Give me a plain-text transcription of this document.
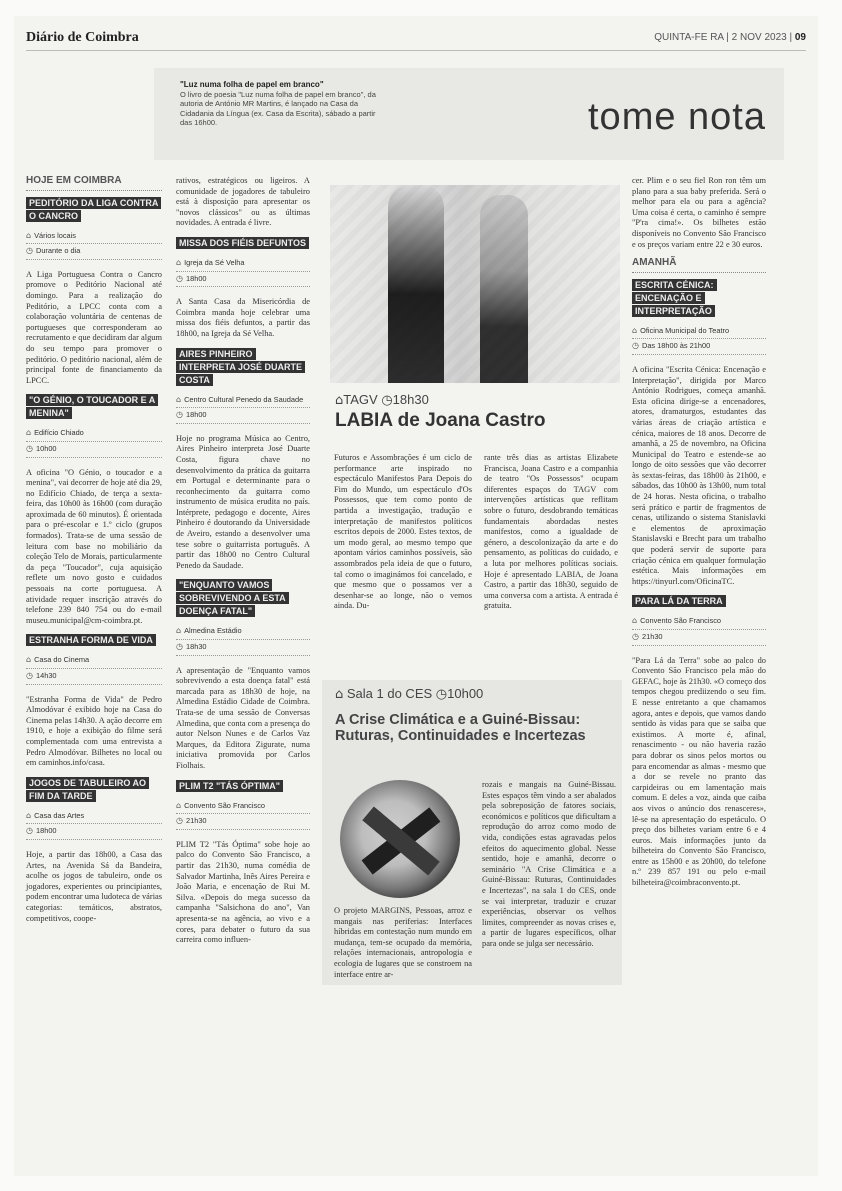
Diário de Coimbra	QUINTA-FE RA | 2 NOV 2023 | 09
"Luz numa folha de papel em branco"
O livro de poesia "Luz numa folha de papel em branco", da autoria de António MR Martins, é lançado na Casa da Cidadania da Língua (ex. Casa da Escrita), sábado a partir das 16h00.	tome nota
HOJE EM COIMBRA
PEDITÓRIO DA LIGA CONTRA O CANCRO
⌂ Vários locais
◷ Durante o dia

A Liga Portuguesa Contra o Cancro promove o Peditório Nacional até domingo. Para a realização do Peditório, a LPCC conta com a colaboração voluntária de centenas de portugueses que corresponderam ao recrutamento e que decidiram dar algum do seu tempo para promover o peditório. O peditório nacional, além de principal fonte de financiamento da LPCC.

"O GÉNIO, O TOUCADOR E A MENINA"
⌂ Edifício Chiado
◷ 10h00

A oficina "O Génio, o toucador e a menina", vai decorrer de hoje até dia 29, no Edifício Chiado, de terça a sexta-feira, das 10h00 às 16h00 (com duração aproximada de 60 minutos). É orientada para o pré-escolar e 1.º ciclo (grupos formados). Trata-se de uma sessão de leitura com base no mobiliário da coleção Telo de Morais, particularmente da peça "Toucador", cuja aquisição reflete um novo gosto e cuidados pessoais na corte portuguesa. A atividade requer inscrição através do telefone 239 840 754 ou do e-mail museu.municipal@cm-coimbra.pt.

ESTRANHA FORMA DE VIDA
⌂ Casa do Cinema
◷ 14h30

"Estranha Forma de Vida" de Pedro Almodóvar é exibido hoje na Casa do Cinema pelas 14h30. A ação decorre em 1910, e hoje a exibição do filme será complementada com uma entrevista a Pedro Almodóvar. Bilhetes no local ou em caminhos.info/casa.

JOGOS DE TABULEIRO AO FIM DA TARDE
⌂ Casa das Artes
◷ 18h00

Hoje, a partir das 18h00, a Casa das Artes, na Avenida Sá da Bandeira, acolhe os jogos de tabuleiro, onde os jogadores, experientes ou principiantes, podem encontrar uma ludoteca de várias categorias: temáticos, abstratos, competitivos, coope-

rativos, estratégicos ou ligeiros. A comunidade de jogadores de tabuleiro está à disposição para apresentar os "novos clássicos" ou as últimas novidades. A entrada é livre.

MISSA DOS FIÉIS DEFUNTOS
⌂ Igreja da Sé Velha
◷ 18h00

A Santa Casa da Misericórdia de Coimbra manda hoje celebrar uma missa dos fiéis defuntos, a partir das 18h00, na Igreja da Sé Velha.

AIRES PINHEIRO INTERPRETA JOSÉ DUARTE COSTA
⌂ Centro Cultural Penedo da Saudade
◷ 18h00

Hoje no programa Música ao Centro, Aires Pinheiro interpreta José Duarte Costa, figura chave no desenvolvimento da prática da guitarra em Portugal e determinante para o reconhecimento da guitarra como instrumento de música erudita no país. Intérprete, pedagogo e docente, Aires Pinheiro é doutorando da Universidade de Aveiro, estando a desenvolver uma tese sobre o guitarrista português. A partir das 18h00 no Centro Cultural Penedo da Saudade.

"ENQUANTO VAMOS SOBREVIVENDO A ESTA DOENÇA FATAL"
⌂ Almedina Estádio
◷ 18h30

A apresentação de "Enquanto vamos sobrevivendo a esta doença fatal" está marcada para as 18h30 de hoje, na Almedina Estádio Cidade de Coimbra. Trata-se de uma sessão de Conversas Almedina, que conta com a presença do autor Nelson Nunes e de Carlos Vaz Marques, da Editora Zigurate, numa iniciativa promovida por Carlos Fiolhais.

PLIM T2 "TÁS ÓPTIMA"
⌂ Convento São Francisco
◷ 21h30

PLIM T2 "Tás Óptima" sobe hoje ao palco do Convento São Francisco, a partir das 21h30, numa comédia de Salvador Martinha, Inês Aires Pereira e João Maria, e encenação de Rui M. Silva. «Depois do mega sucesso da campanha "Salsichona do ano", Van apresenta-se na agência, ao vivo e a cores, para debater o futuro da sua carreira como influen-

⌂TAGV ◷18h30
LABIA de Joana Castro

Futuros e Assombrações é um ciclo de performance arte inspirado no espectáculo Manifestos Para Depois do Fim do Mundo, um espectáculo d'Os Possessos, que tem como ponto de partida a investigação, tradução e interpretação de manifestos políticos escritos depois de 2000. Estes textos, de um modo geral, ao mesmo tempo que apontam vários caminhos possíveis, são assombrados pela ideia de que o futuro, tal como o imaginámos foi cancelado, e que mesmo que o possamos ver a desenhar-se ao longe, não o vemos ainda. Du-

rante três dias as artistas Elizabete Francisca, Joana Castro e a companhia de teatro "Os Possessos" ocupam diferentes espaços do TAGV com intervenções artísticas que reflitam sobre o futuro, desdobrando temáticas fundamentais abordadas nestes manifestos, como a igualdade de género, a descolonização da arte e do pensamento, as políticas do cuidado, e a luta por melhores políticas sociais. Hoje é apresentado LABIA, de Joana Castro, a partir das 18h30, seguido de uma conversa com a artista. A entrada é gratuita.

⌂ Sala 1 do CES ◷10h00
A Crise Climática e a Guiné-Bissau: Ruturas, Continuidades e Incertezas

O projeto MARGINS, Pessoas, arroz e mangais nas periferias: Interfaces híbridas em contestação num mundo em mudança, tem-se ocupado da memória, relações internacionais, antropologia e ecologia de lugares que se constroem na interface entre ar-

rozais e mangais na Guiné-Bissau. Estes espaços têm vindo a ser abalados pela sobreposição de fatores sociais, económicos e políticos que dificultam a reprodução do arroz como modo de vida, condições estas agravadas pelos efeitos do aquecimento global. Nesse sentido, hoje e amanhã, decorre o seminário "A Crise Climática e a Guiné-Bissau: Ruturas, Continuidades e Incertezas", na sala 1 do CES, onde se vai interpretar, traduzir e cruzar experiências, observar os velhos limites, compreender as novas crises e, a partir de lugares específicos, olhar para onde se julga ser necessário.

cer. Plim e o seu fiel Ron ron têm um plano para a sua baby preferida. Será o melhor para ela ou para a agência? Uma coisa é certa, o caminho é sempre "P'ra cima!». Os bilhetes estão disponíveis no Convento São Francisco e os preços variam entre 22 e 30 euros.

AMANHÃ
ESCRITA CÉNICA: ENCENAÇÃO E INTERPRETAÇÃO
⌂ Oficina Municipal do Teatro
◷ Das 18h00 às 21h00

A oficina "Escrita Cénica: Encenação e Interpretação", dirigida por Marco António Rodrigues, começa amanhã. Esta oficina dirige-se a encenadores, atores, dramaturgos, estudantes das várias áreas de criação artística e cénica, maiores de 18 anos. Decorre de amanhã, a 25 de novembro, na Oficina Municipal do Teatro e estende-se ao longo de oito sessões que vão decorrer às sextas-feiras, das 18h00 às 21h00, e sábados, das 10h00 às 13h00, num total de 24 horas. Nesta oficina, o trabalho será prático e partir de fragmentos de cenas, utilizando o sistema Stanislavki e elementos de aproximação Stanislavski e Brecht para um trabalho que poderá servir de suporte para criação cénica em qualquer formulação estética. Mais informações em https://tinyurl.com/OficinaTC.

PARA LÁ DA TERRA
⌂ Convento São Francisco
◷ 21h30

"Para Lá da Terra" sobe ao palco do Convento São Francisco pela mão do GEFAC, hoje às 21h30. «O começo dos tempos chegou prediizendo o seu fim. E nesse entretanto a que chamamos agora, antes e depois, que vamos dando sentido às vidas para que se saiba que existimos. A morte é, afinal, renascimento - ou não haveria razão para dobrar os sinos pelos mortos ou para encomendar as almas - mesmo que a dor se revele no pranto das carpideiras ou em lamentação mais comum. E deles a voz, ainda que caiba aos vivos o anúncio dos renasceres», lê-se na apresentação do espetáculo. O preço dos bilhetes variam entre 6 e 4 euros. Mais informações junto da bilheteira do Convento São Francisco, entre as 15h00 e as 20h00, do telefone n.º 239 857 191 ou pelo e-mail bilheteira@coimbraconvento.pt.
